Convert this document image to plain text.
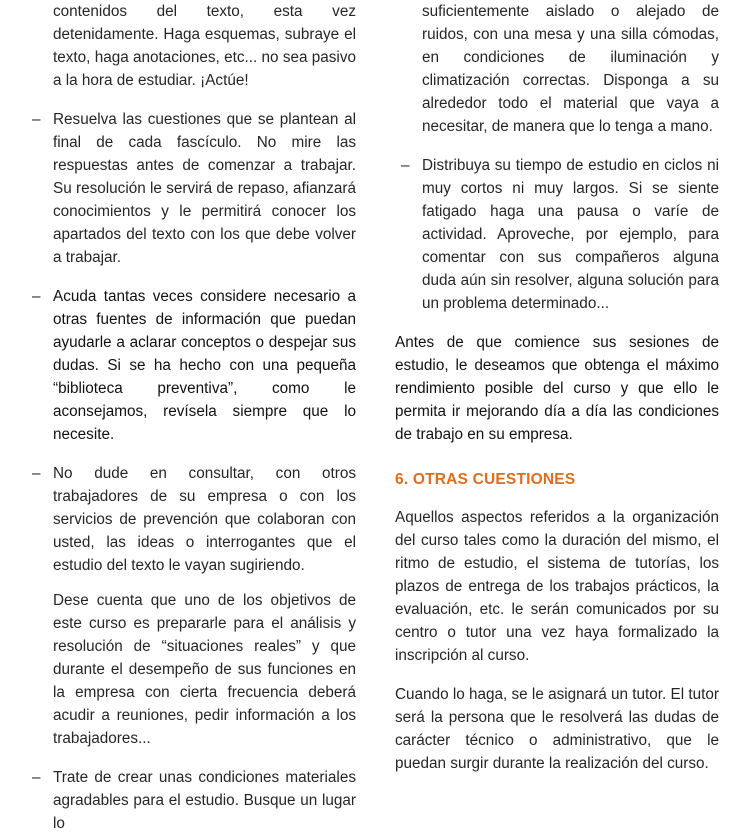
contenidos del texto, esta vez detenidamente. Haga esquemas, subraye el texto, haga anotaciones, etc... no sea pasivo a la hora de estudiar. ¡Actúe!

– Resuelva las cuestiones que se plantean al final de cada fascículo. No mire las respuestas antes de comenzar a trabajar. Su resolución le servirá de repaso, afianzará conocimientos y le permitirá conocer los apartados del texto con los que debe volver a trabajar.

– Acuda tantas veces considere necesario a otras fuentes de información que puedan ayudarle a aclarar conceptos o despejar sus dudas. Si se ha hecho con una pequeña “biblioteca preventiva”, como le aconsejamos, revísela siempre que lo necesite.

– No dude en consultar, con otros trabajadores de su empresa o con los servicios de prevención que colaboran con usted, las ideas o interrogantes que el estudio del texto le vayan sugiriendo.

Dese cuenta que uno de los objetivos de este curso es prepararle para el análisis y resolución de “situaciones reales” y que durante el desempeño de sus funciones en la empresa con cierta frecuencia deberá acudir a reuniones, pedir información a los trabajadores...

– Trate de crear unas condiciones materiales agradables para el estudio. Busque un lugar lo

suficientemente aislado o alejado de ruidos, con una mesa y una silla cómodas, en condiciones de iluminación y climatización correctas. Disponga a su alrededor todo el material que vaya a necesitar, de manera que lo tenga a mano.

– Distribuya su tiempo de estudio en ciclos ni muy cortos ni muy largos. Si se siente fatigado haga una pausa o varíe de actividad. Aproveche, por ejemplo, para comentar con sus compañeros alguna duda aún sin resolver, alguna solución para un problema determinado...

Antes de que comience sus sesiones de estudio, le deseamos que obtenga el máximo rendimiento posible del curso y que ello le permita ir mejorando día a día las condiciones de trabajo en su empresa.

6. OTRAS CUESTIONES

Aquellos aspectos referidos a la organización del curso tales como la duración del mismo, el ritmo de estudio, el sistema de tutorías, los plazos de entrega de los trabajos prácticos, la evaluación, etc. le serán comunicados por su centro o tutor una vez haya formalizado la inscripción al curso.

Cuando lo haga, se le asignará un tutor. El tutor será la persona que le resolverá las dudas de carácter técnico o administrativo, que le puedan surgir durante la realización del curso.
